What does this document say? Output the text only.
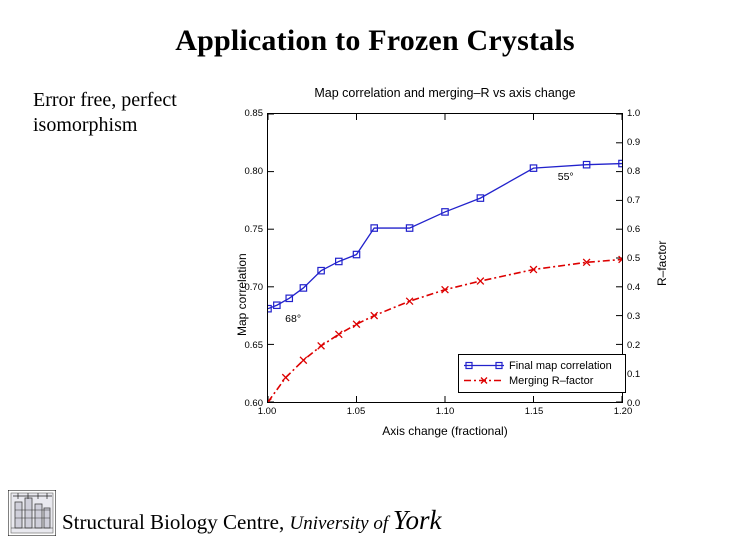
Application to Frozen Crystals
Error free, perfect isomorphism
Map correlation and merging–R vs axis change
Map correlation	R–factor
Axis change (fractional)
0.60
0.65
0.70
0.75
0.80
0.85
0.0
0.1
0.2
0.3
0.4
0.5
0.6
0.7
0.8
0.9
1.0
1.00	1.05	1.10	1.15	1.20
68°
55°
Final map correlation
Merging R–factor
Structural Biology Centre, University of York
